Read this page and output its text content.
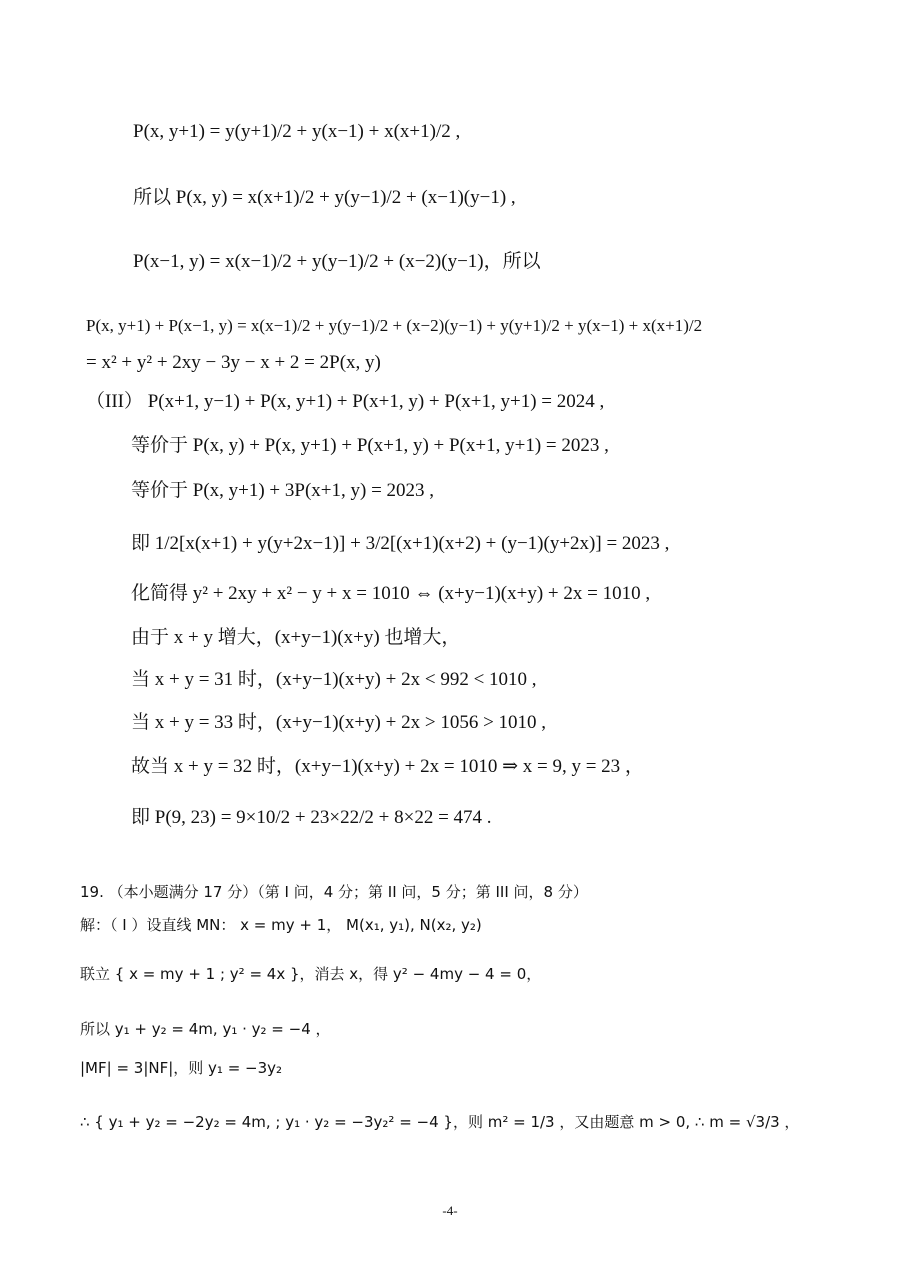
P(x, y+1) = y(y+1)/2 + y(x−1) + x(x+1)/2 ,
所以 P(x, y) = x(x+1)/2 + y(y−1)/2 + (x−1)(y−1) ,
P(x−1, y) = x(x−1)/2 + y(y−1)/2 + (x−2)(y−1)，所以
P(x, y+1) + P(x−1, y) = x(x−1)/2 + y(y−1)/2 + (x−2)(y−1) + y(y+1)/2 + y(x−1) + x(x+1)/2
= x² + y² + 2xy − 3y − x + 2 = 2P(x, y)
（III） P(x+1, y−1) + P(x, y+1) + P(x+1, y) + P(x+1, y+1) = 2024 ,
等价于 P(x, y) + P(x, y+1) + P(x+1, y) + P(x+1, y+1) = 2023 ,
等价于 P(x, y+1) + 3P(x+1, y) = 2023 ,
即 1/2[x(x+1) + y(y+2x−1)] + 3/2[(x+1)(x+2) + (y−1)(y+2x)] = 2023 ,
化简得 y² + 2xy + x² − y + x = 1010 ⇔ (x+y−1)(x+y) + 2x = 1010 ,
由于 x + y 增大，(x+y−1)(x+y) 也增大，
当 x + y = 31 时，(x+y−1)(x+y) + 2x < 992 < 1010 ,
当 x + y = 33 时，(x+y−1)(x+y) + 2x > 1056 > 1010 ,
故当 x + y = 32 时，(x+y−1)(x+y) + 2x = 1010 ⇒ x = 9, y = 23 ，
即 P(9, 23) = 9×10/2 + 23×22/2 + 8×22 = 474 .
19. （本小题满分 17 分）（第 I 问，4 分；第 II 问，5 分；第 III 问，8 分）
解：（ I ）设直线 MN： x = my + 1， M(x₁, y₁), N(x₂, y₂)
联立 { x = my + 1 ; y² = 4x }，消去 x，得 y² − 4my − 4 = 0，
所以 y₁ + y₂ = 4m, y₁ · y₂ = −4 ，
|MF| = 3|NF|，则 y₁ = −3y₂
∴ { y₁ + y₂ = −2y₂ = 4m, ; y₁ · y₂ = −3y₂² = −4 }，则 m² = 1/3 ，又由题意 m > 0, ∴ m = √3/3 ，
-4-
